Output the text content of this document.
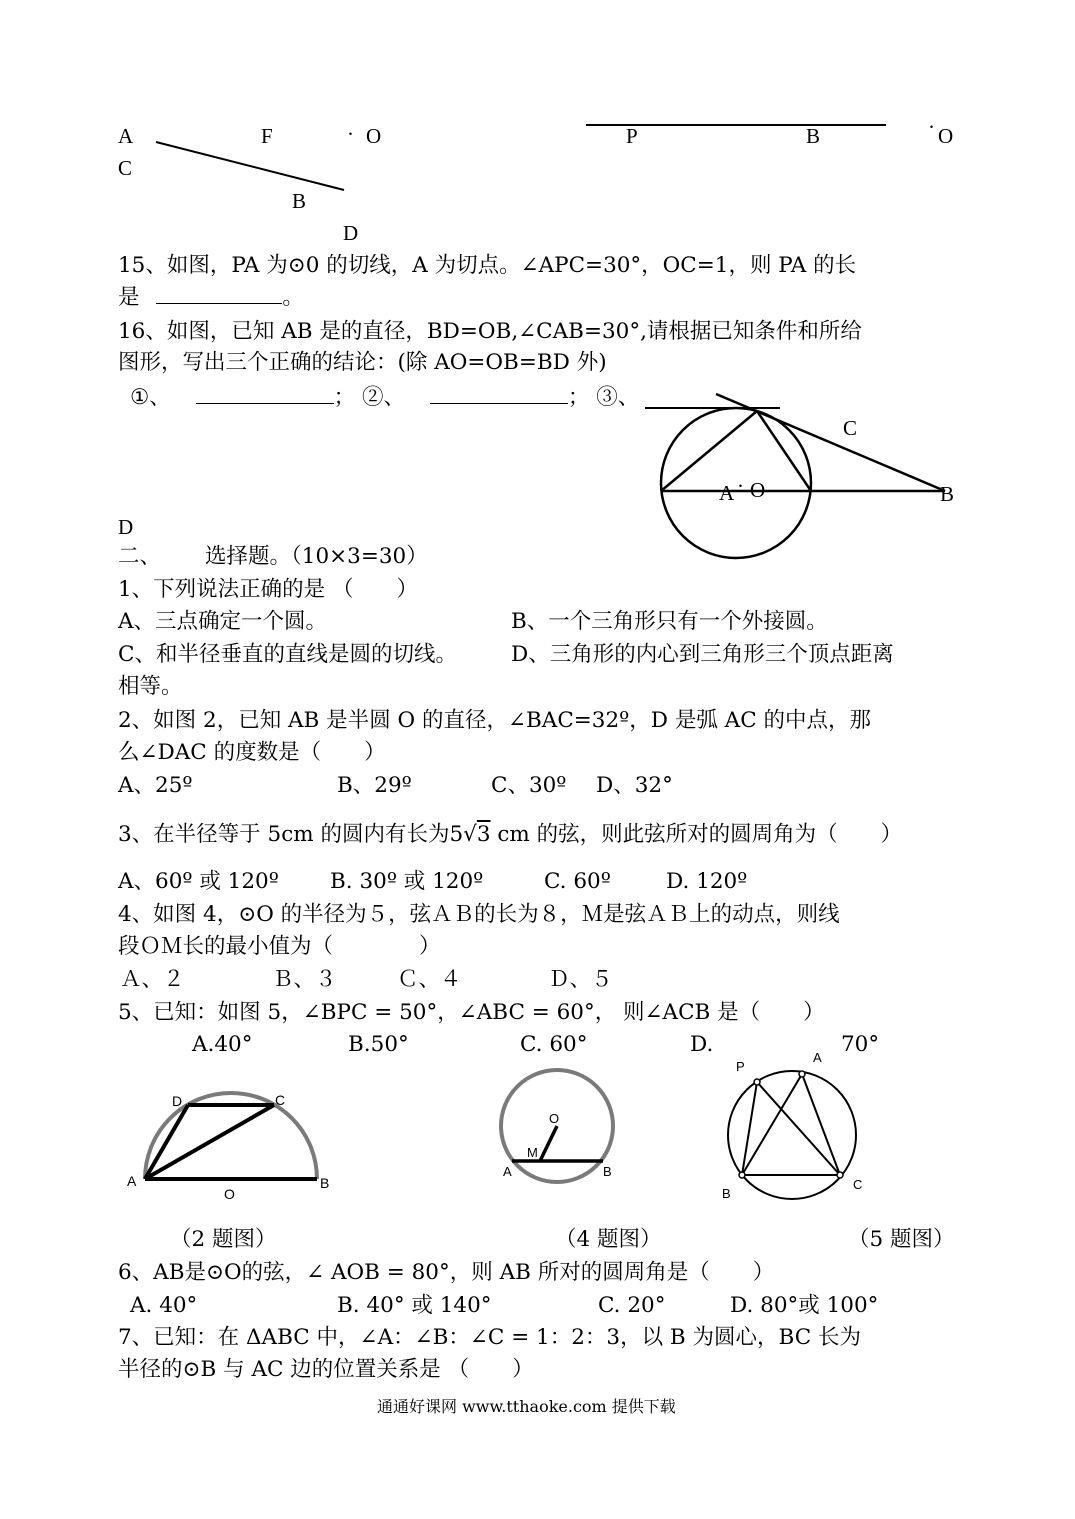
A	F	· O
C
B
D
P	B	· O
15、如图，PA 为⊙0 的切线，A 为切点。∠APC=30°，OC=1，则 PA 的长
是	。
16、如图，已知 AB 是的直径，BD=OB,∠CAB=30°,请根据已知条件和所给
图形，写出三个正确的结论：(除 AO=OB=BD 外)
①、	； ②、	； ③、
C
A · O	B
D
二、 选择题。（10×3=30）
1、下列说法正确的是 （　　）
A、三点确定一个圆。	B、一个三角形只有一个外接圆。
C、和半径垂直的直线是圆的切线。	D、三角形的内心到三角形三个顶点距离
相等。
2、如图 2，已知 AB 是半圆 O 的直径，∠BAC=32º，D 是弧 AC 的中点，那
么∠DAC 的度数是（　　）
A、25º	B、29º	C、30º D、32°
3、在半径等于 5cm 的圆内有长为5√3 cm 的弦，则此弦所对的圆周角为（　　）
A、60º 或 120º B. 30º 或 120º	C. 60º	D. 120º
4、如图 4，⊙O 的半径为５，弦ＡＢ的长为８，Ｍ是弦ＡＢ上的动点，则线
段ＯＭ长的最小值为（　　　　）
Ａ、２	Ｂ、３	Ｃ、４	Ｄ、５
5、已知：如图 5，∠BPC = 50°，∠ABC = 60°， 则∠ACB 是（　　）
A.40°	B.50°	C. 60°	D.	70°
D	C
A
O
B
O
M
A	B
P
A
B
C
（2 题图）	（4 题图）	（5 题图）
6、AB是⊙O的弦，∠ AOB = 80°，则 AB 所对的圆周角是（　　）
A. 40°	B. 40° 或 140°	C. 20°	D. 80°或 100°
7、已知：在 ΔABC 中，∠A：∠B：∠C = 1：2：3，以 B 为圆心，BC 长为
半径的⊙B 与 AC 边的位置关系是 （　　）
通通好课网 www.tthaoke.com 提供下载
